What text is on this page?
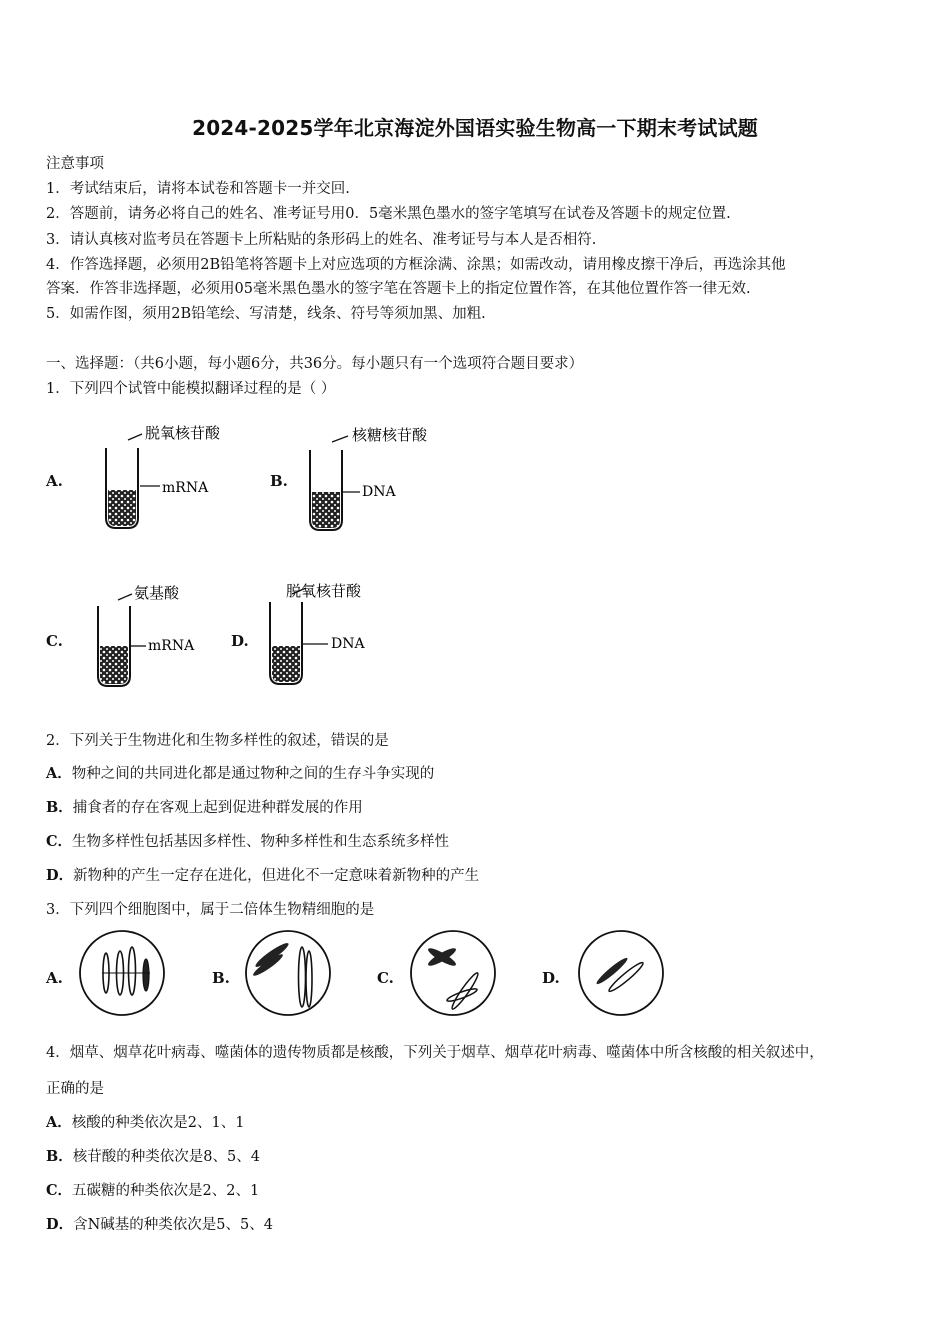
2024-2025学年北京海淀外国语实验生物高一下期末考试试题
注意事项
1．考试结束后，请将本试卷和答题卡一并交回.
2．答题前，请务必将自己的姓名、准考证号用0．5毫米黑色墨水的签字笔填写在试卷及答题卡的规定位置.
3．请认真核对监考员在答题卡上所粘贴的条形码上的姓名、准考证号与本人是否相符.
4．作答选择题，必须用2B铅笔将答题卡上对应选项的方框涂满、涂黑；如需改动，请用橡皮擦干净后，再选涂其他
答案．作答非选择题，必须用05毫米黑色墨水的签字笔在答题卡上的指定位置作答，在其他位置作答一律无效.
5．如需作图，须用2B铅笔绘、写清楚，线条、符号等须加黑、加粗.
一、选择题：（共6小题，每小题6分，共36分。每小题只有一个选项符合题目要求）
1．下列四个试管中能模拟翻译过程的是（ ）
A.	B.
C.	D.
脱氧核苷酸
mRNA
核糖核苷酸
DNA
氨基酸
mRNA
脱氧核苷酸
DNA
2．下列关于生物进化和生物多样性的叙述，错误的是
A．物种之间的共同进化都是通过物种之间的生存斗争实现的
B．捕食者的存在客观上起到促进种群发展的作用
C．生物多样性包括基因多样性、物种多样性和生态系统多样性
D．新物种的产生一定存在进化，但进化不一定意味着新物种的产生
3．下列四个细胞图中，属于二倍体生物精细胞的是
A.	B.	C.	D.
4．烟草、烟草花叶病毒、噬菌体的遗传物质都是核酸，下列关于烟草、烟草花叶病毒、噬菌体中所含核酸的相关叙述中，
正确的是
A．核酸的种类依次是2、1、1
B．核苷酸的种类依次是8、5、4
C．五碳糖的种类依次是2、2、1
D．含N碱基的种类依次是5、5、4
